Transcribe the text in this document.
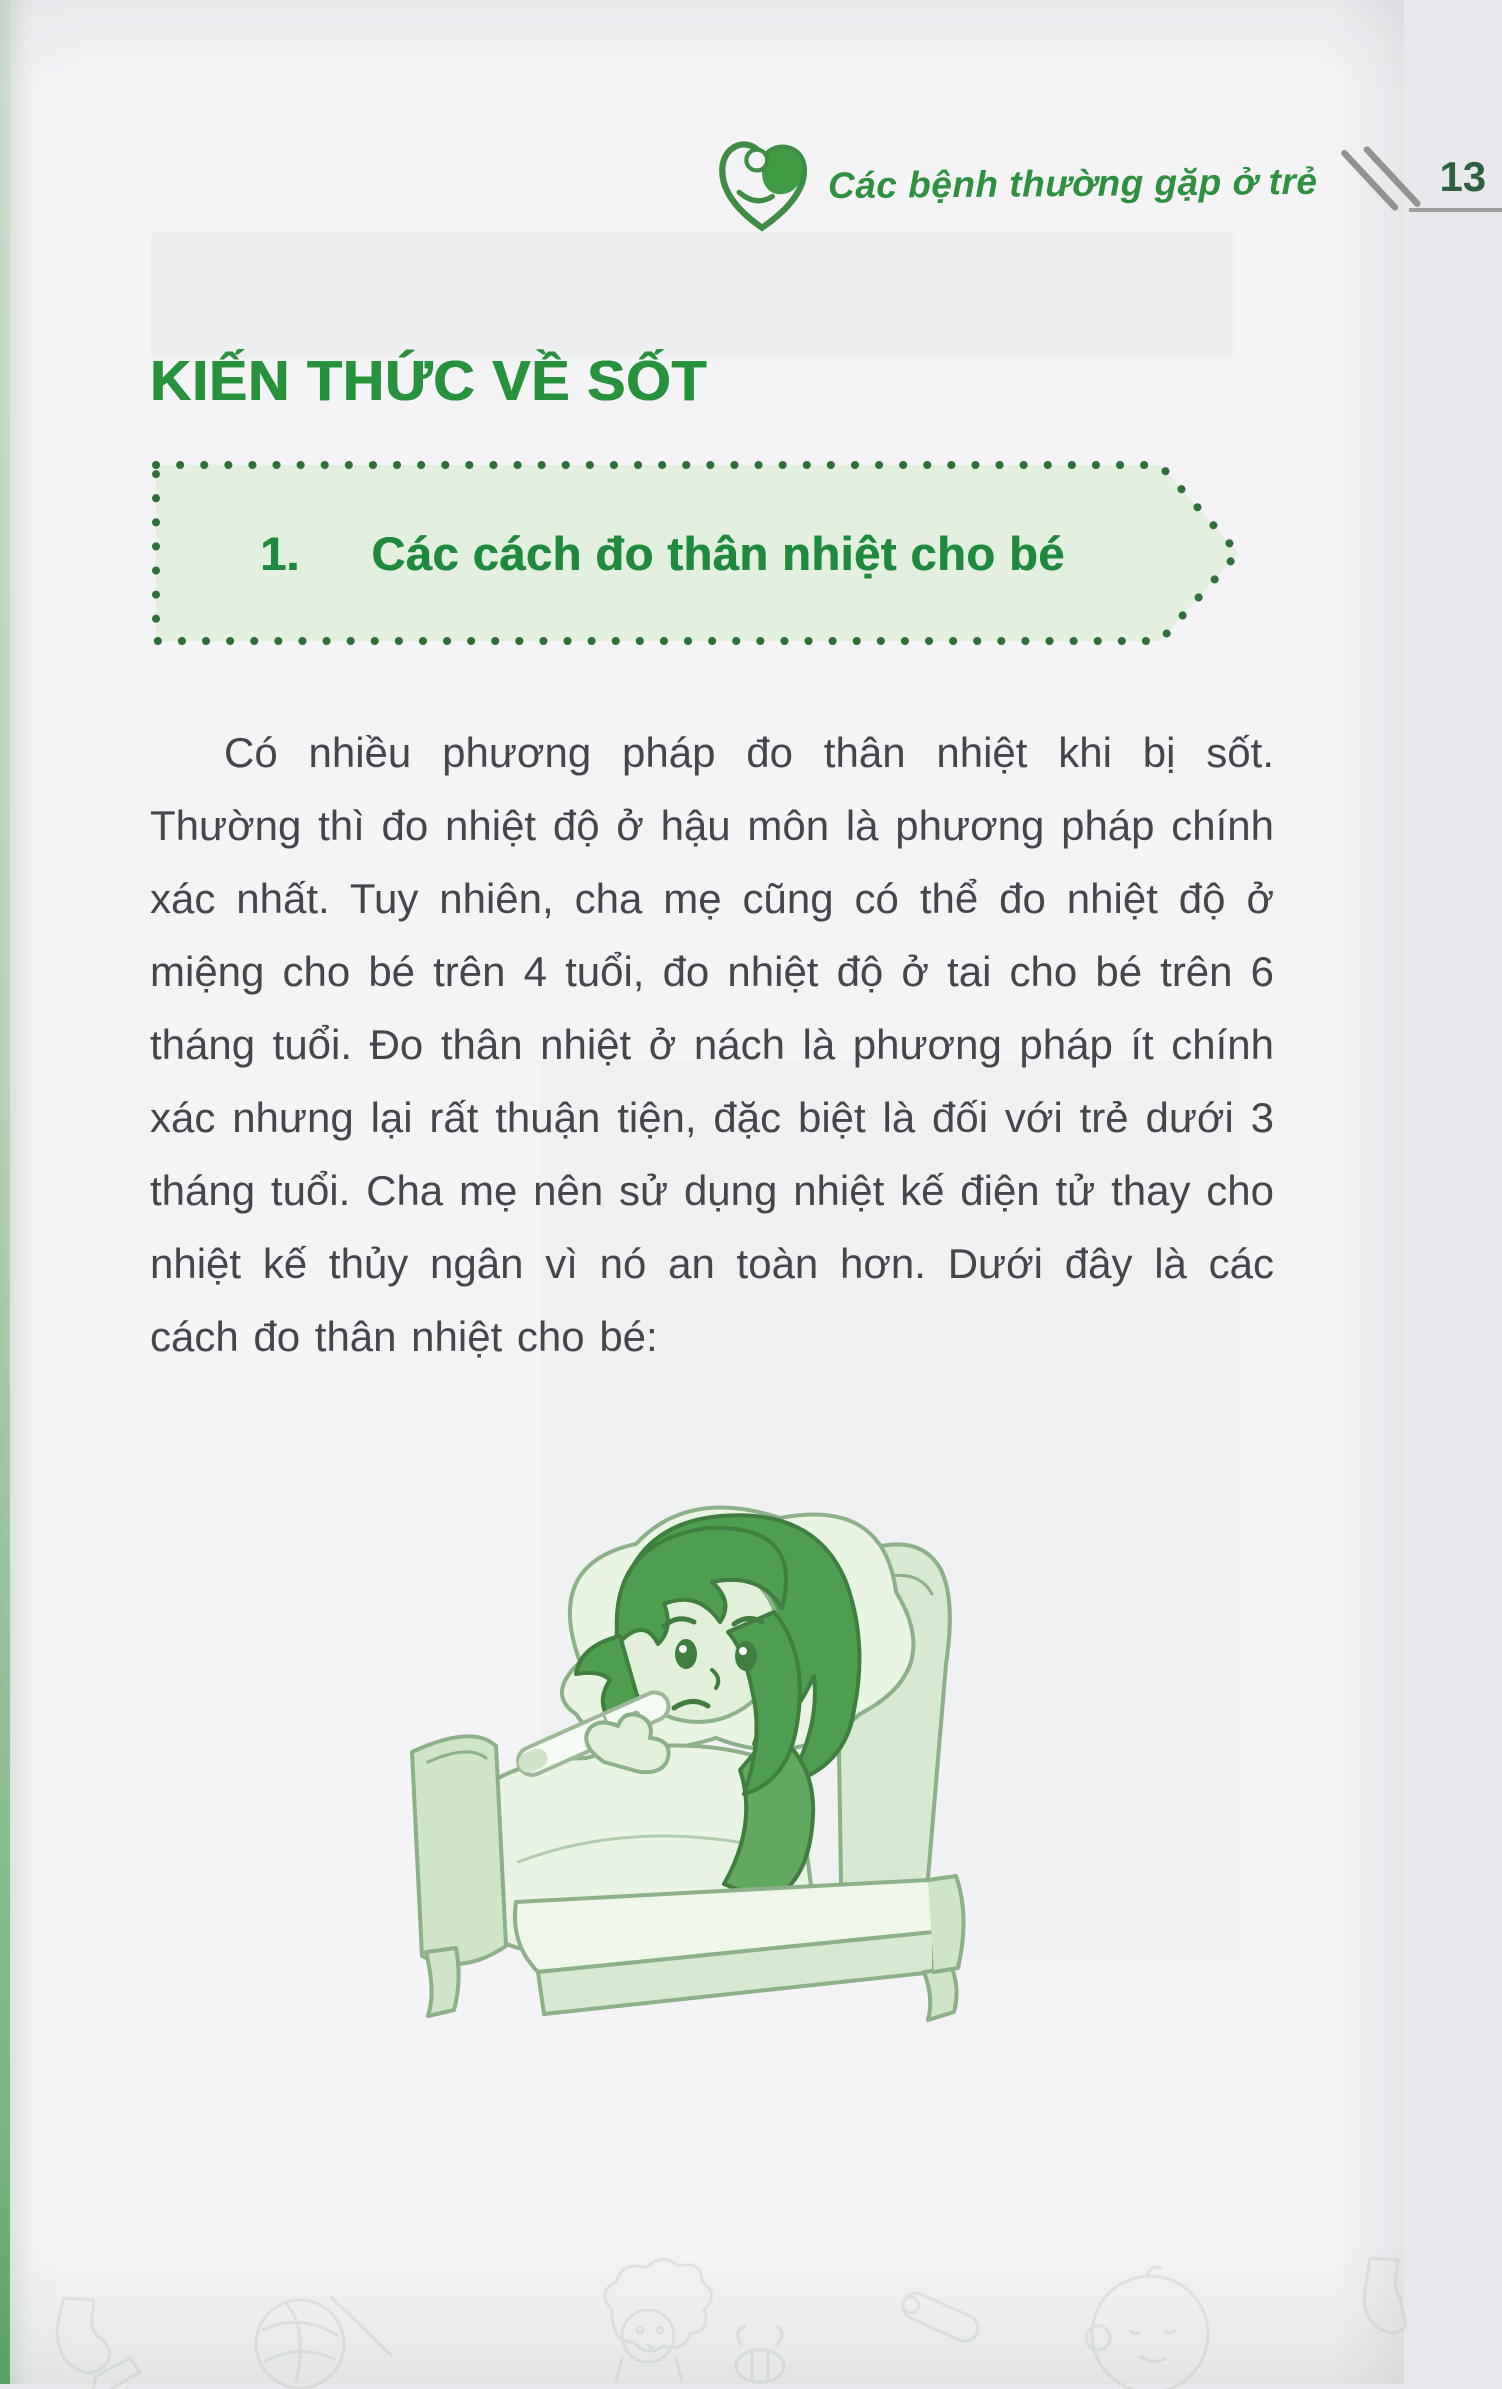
Các bệnh thường gặp ở trẻ	13
KIẾN THỨC VỀ SỐT
1. Các cách đo thân nhiệt cho bé
Có nhiều phương pháp đo thân nhiệt khi bị sốt. Thường thì đo nhiệt độ ở hậu môn là phương pháp chính xác nhất. Tuy nhiên, cha mẹ cũng có thể đo nhiệt độ ở miệng cho bé trên 4 tuổi, đo nhiệt độ ở tai cho bé trên 6 tháng tuổi. Đo thân nhiệt ở nách là phương pháp ít chính xác nhưng lại rất thuận tiện, đặc biệt là đối với trẻ dưới 3 tháng tuổi. Cha mẹ nên sử dụng nhiệt kế điện tử thay cho nhiệt kế thủy ngân vì nó an toàn hơn. Dưới đây là các cách đo thân nhiệt cho bé:
